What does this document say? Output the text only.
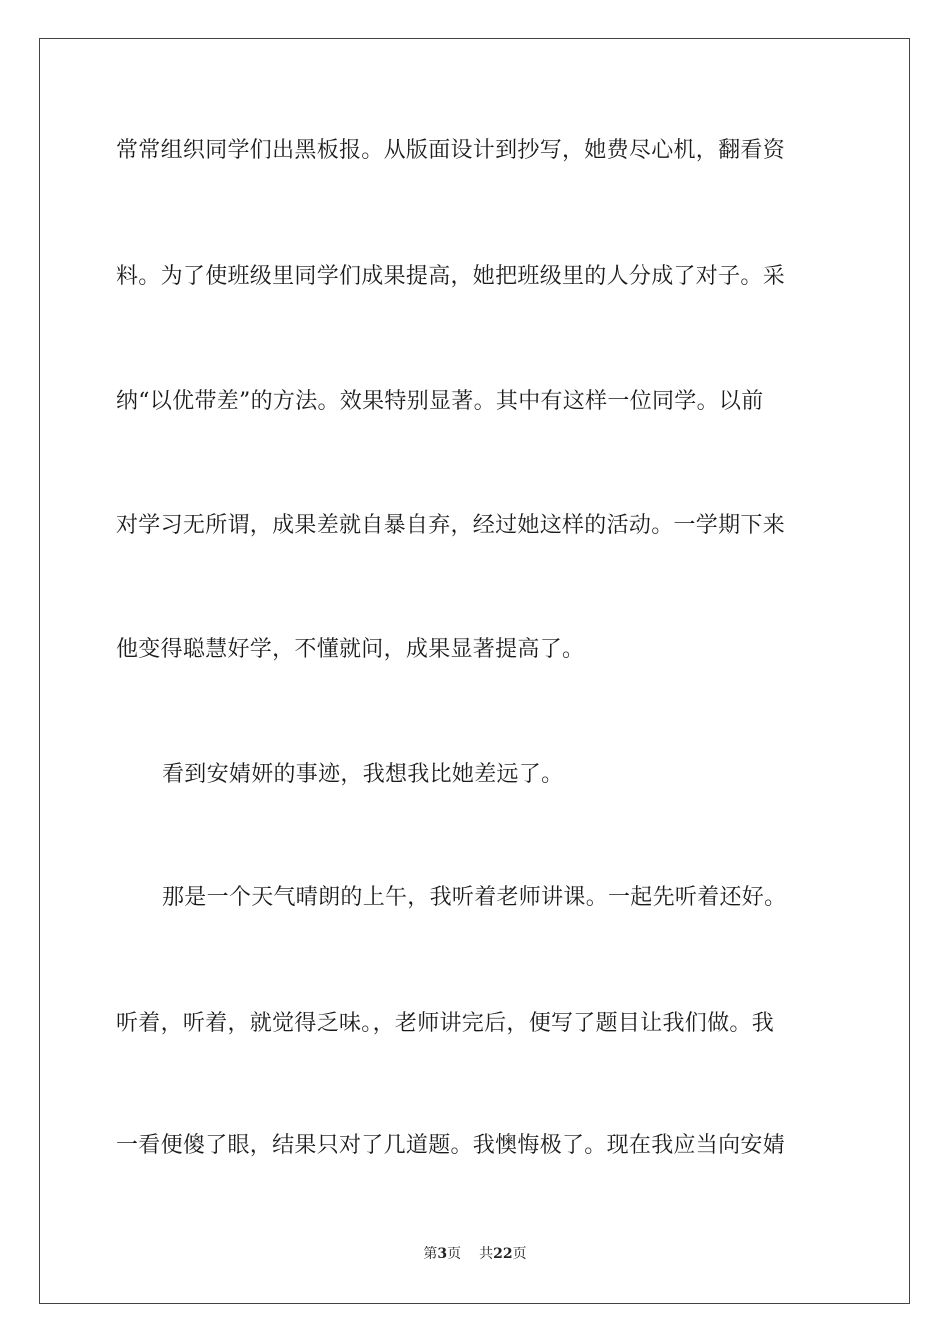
常常组织同学们出黑板报。从版面设计到抄写，她费尽心机，翻看资

料。为了使班级里同学们成果提高，她把班级里的人分成了对子。采

纳“以优带差”的方法。效果特别显著。其中有这样一位同学。以前

对学习无所谓，成果差就自暴自弃，经过她这样的活动。一学期下来

他变得聪慧好学，不懂就问，成果显著提高了。

看到安婧妍的事迹，我想我比她差远了。

那是一个天气晴朗的上午，我听着老师讲课。一起先听着还好。

听着，听着，就觉得乏味。，老师讲完后，便写了题目让我们做。我

一看便傻了眼，结果只对了几道题。我懊悔极了。现在我应当向安婧

第3页 共22页
